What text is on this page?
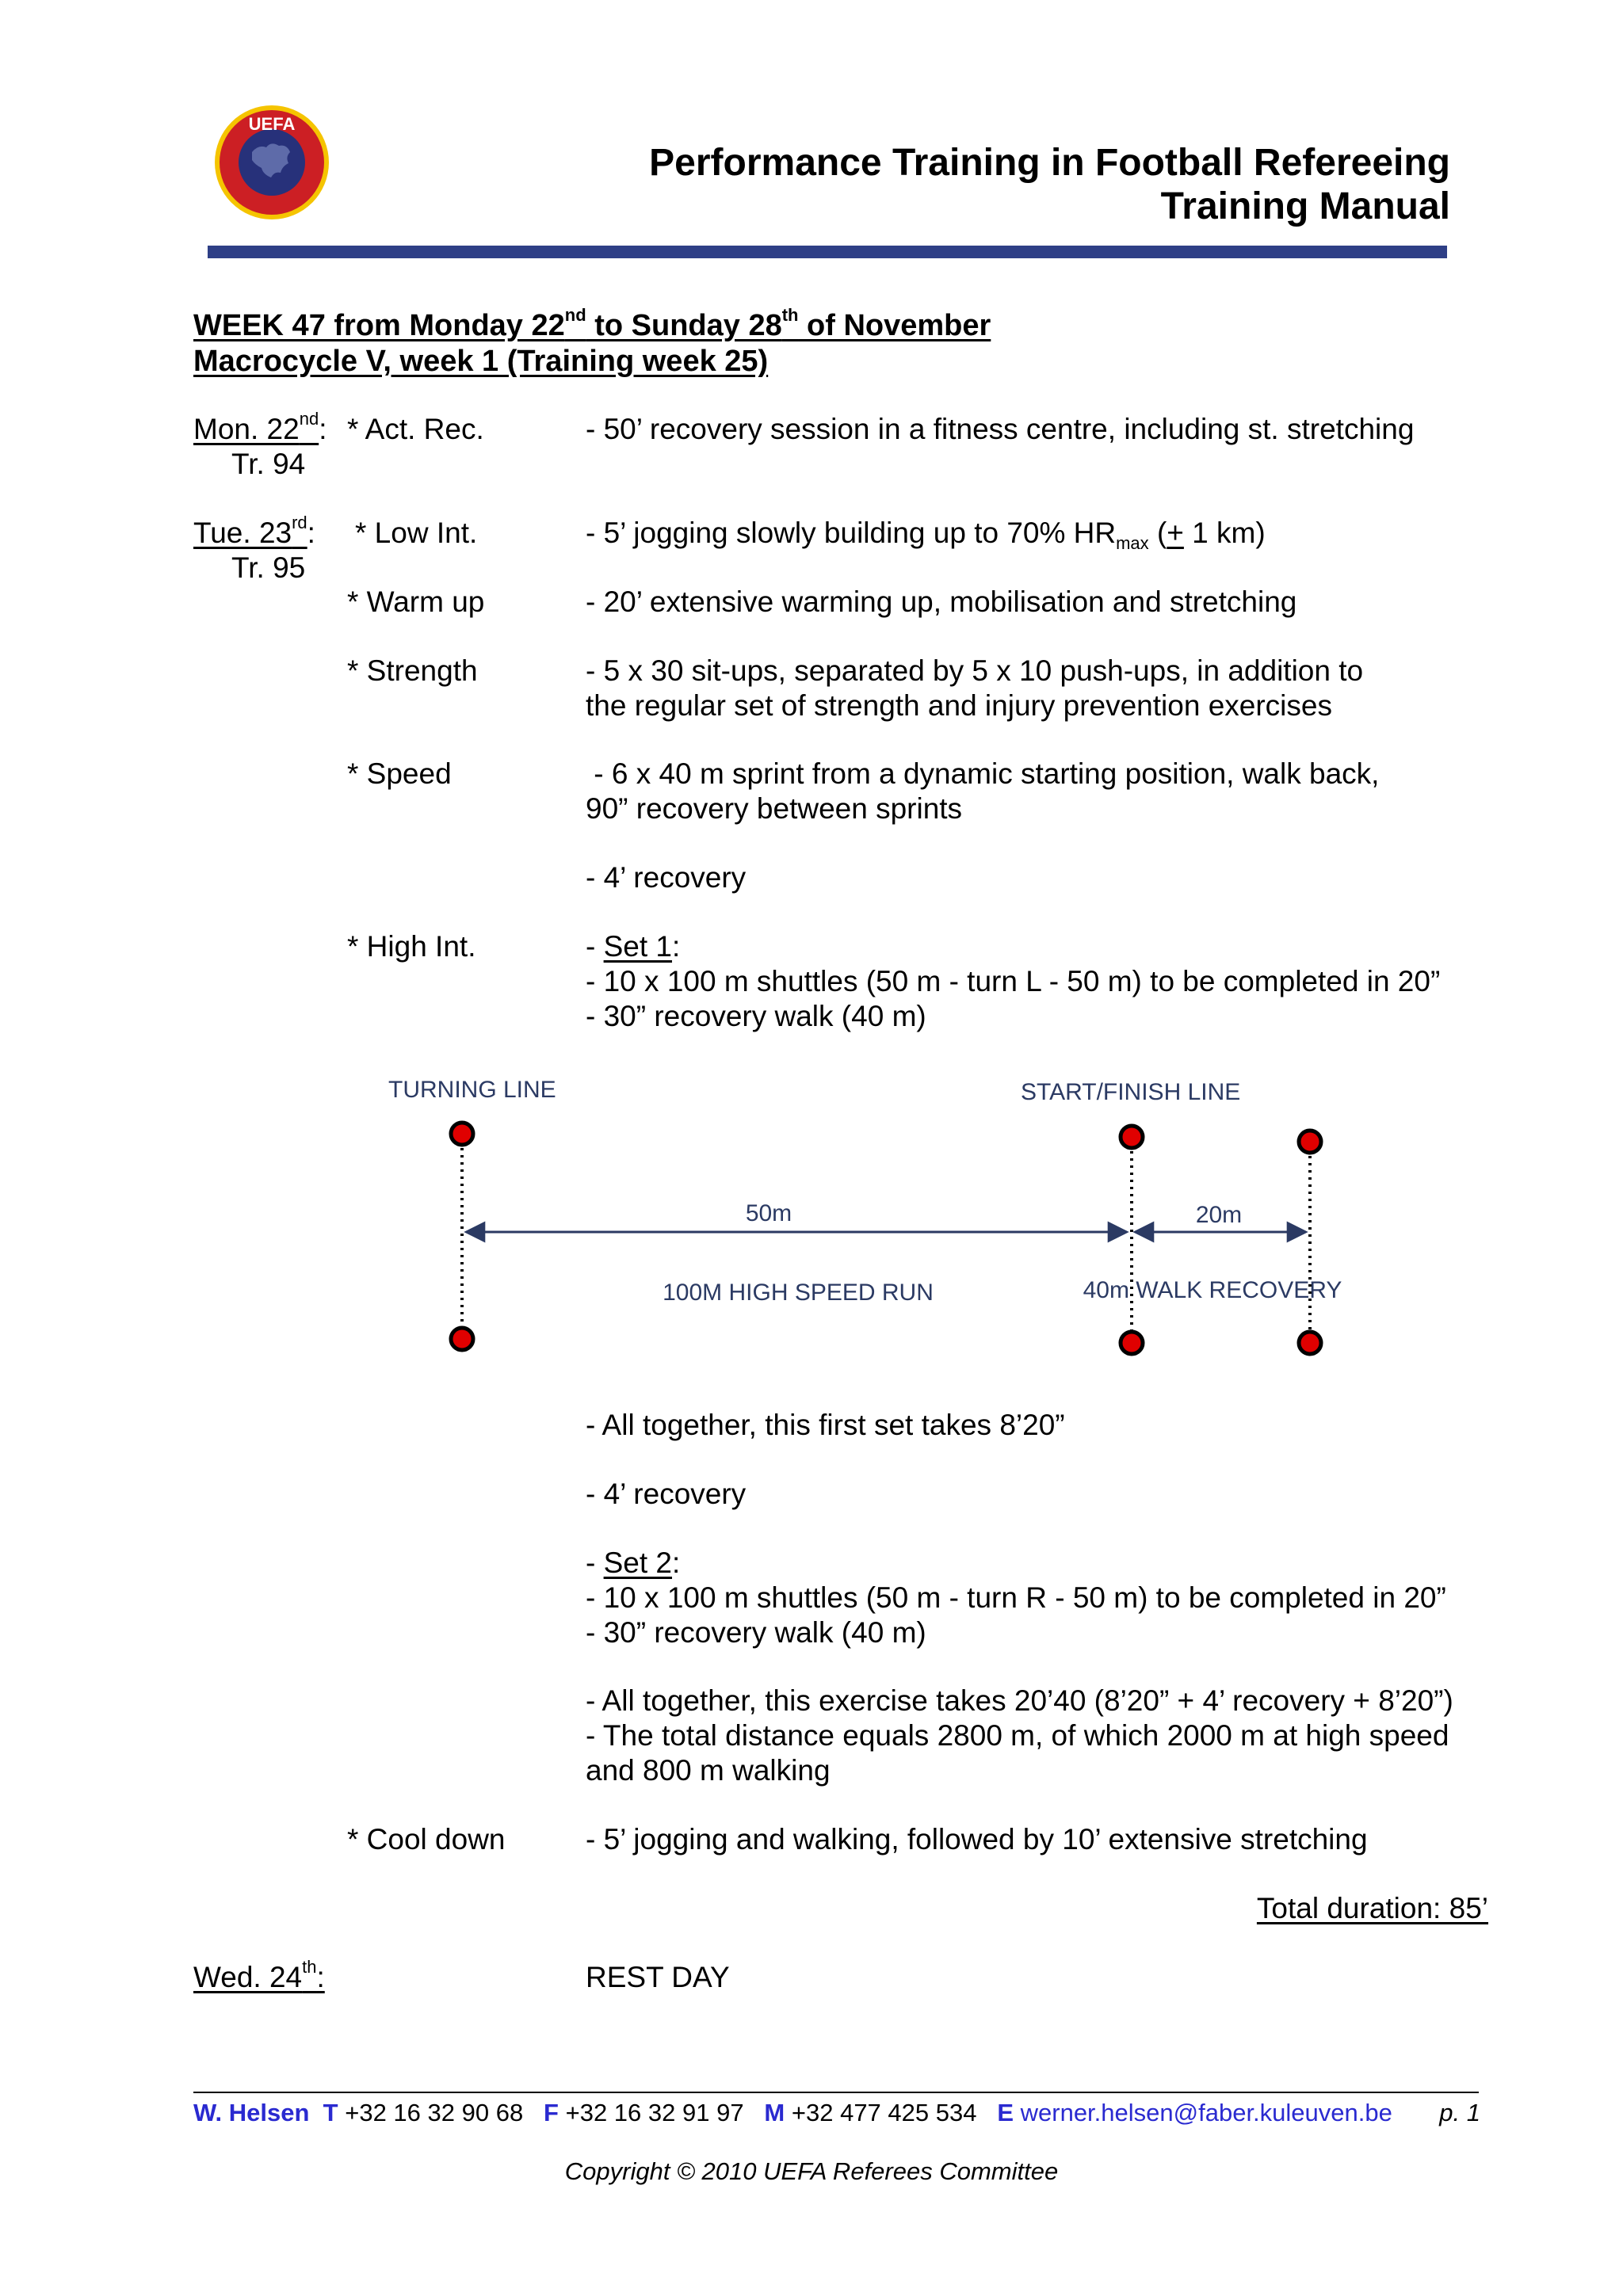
UEFA
Performance Training in Football Refereeing
Training Manual
WEEK 47 from Monday 22nd to Sunday 28th of November
Macrocycle V, week 1 (Training week 25)
Mon. 22nd:
Tr. 94
* Act. Rec.	- 50’ recovery session in a fitness centre, including st. stretching
Tue. 23rd:
Tr. 95
* Low Int.	- 5’ jogging slowly building up to 70% $HR_{max}$ (+ 1 km)
* Warm up	- 20’ extensive warming up, mobilisation and stretching
* Strength	- 5 x 30 sit-ups, separated by 5 x 10 push-ups, in addition to
the regular set of strength and injury prevention exercises
* Speed	- 6 x 40 m sprint from a dynamic starting position, walk back,
90” recovery between sprints
- 4’ recovery
* High Int.	- Set 1:
- 10 x 100 m shuttles (50 m - turn L - 50 m) to be completed in 20”
- 30” recovery walk (40 m)
TURNING LINE	START/FINISH LINE
50m	20m
100M HIGH SPEED RUN	40m WALK RECOVERY
- All together, this first set takes 8’20”
- 4’ recovery
- Set 2:
- 10 x 100 m shuttles (50 m - turn R - 50 m) to be completed in 20”
- 30” recovery walk (40 m)
- All together, this exercise takes 20’40 (8’20” + 4’ recovery + 8’20”)
- The total distance equals 2800 m, of which 2000 m at high speed
and 800 m walking
* Cool down	- 5’ jogging and walking, followed by 10’ extensive stretching
Total duration: 85’
Wed. 24th:	REST DAY
W. Helsen T +32 16 32 90 68 F +32 16 32 91 97 M +32 477 425 534 E werner.helsen@faber.kuleuven.be p. 1
Copyright © 2010 UEFA Referees Committee
